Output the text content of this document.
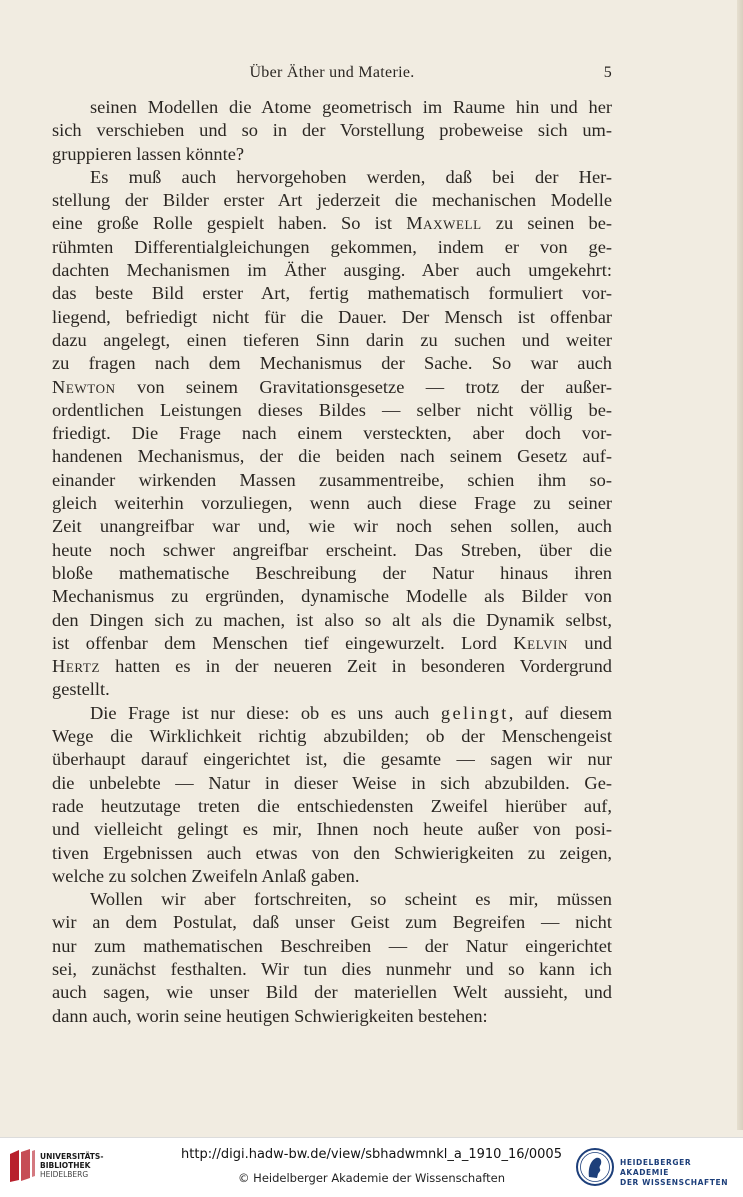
Über Äther und Materie.	5

seinen Modellen die Atome geometrisch im Raume hin und her

sich verschieben und so in der Vorstellung probeweise sich um-

gruppieren lassen könnte?

Es muß auch hervorgehoben werden, daß bei der Her-

stellung der Bilder erster Art jederzeit die mechanischen Modelle

eine große Rolle gespielt haben. So ist Maxwell zu seinen be-

rühmten Differentialgleichungen gekommen, indem er von ge-

dachten Mechanismen im Äther ausging. Aber auch umgekehrt:

das beste Bild erster Art, fertig mathematisch formuliert vor-

liegend, befriedigt nicht für die Dauer. Der Mensch ist offenbar

dazu angelegt, einen tieferen Sinn darin zu suchen und weiter

zu fragen nach dem Mechanismus der Sache. So war auch

Newton von seinem Gravitationsgesetze — trotz der außer-

ordentlichen Leistungen dieses Bildes — selber nicht völlig be-

friedigt. Die Frage nach einem versteckten, aber doch vor-

handenen Mechanismus, der die beiden nach seinem Gesetz auf-

einander wirkenden Massen zusammentreibe, schien ihm so-

gleich weiterhin vorzuliegen, wenn auch diese Frage zu seiner

Zeit unangreifbar war und, wie wir noch sehen sollen, auch

heute noch schwer angreifbar erscheint. Das Streben, über die

bloße mathematische Beschreibung der Natur hinaus ihren

Mechanismus zu ergründen, dynamische Modelle als Bilder von

den Dingen sich zu machen, ist also so alt als die Dynamik selbst,

ist offenbar dem Menschen tief eingewurzelt. Lord Kelvin und

Hertz hatten es in der neueren Zeit in besonderen Vordergrund

gestellt.

Die Frage ist nur diese: ob es uns auch gelingt, auf diesem

Wege die Wirklichkeit richtig abzubilden; ob der Menschengeist

überhaupt darauf eingerichtet ist, die gesamte — sagen wir nur

die unbelebte — Natur in dieser Weise in sich abzubilden. Ge-

rade heutzutage treten die entschiedensten Zweifel hierüber auf,

und vielleicht gelingt es mir, Ihnen noch heute außer von posi-

tiven Ergebnissen auch etwas von den Schwierigkeiten zu zeigen,

welche zu solchen Zweifeln Anlaß gaben.

Wollen wir aber fortschreiten, so scheint es mir, müssen

wir an dem Postulat, daß unser Geist zum Begreifen — nicht

nur zum mathematischen Beschreiben — der Natur eingerichtet

sei, zunächst festhalten. Wir tun dies nunmehr und so kann ich

auch sagen, wie unser Bild der materiellen Welt aussieht, und

dann auch, worin seine heutigen Schwierigkeiten bestehen:

UNIVERSITÄTS-
BIBLIOTHEK
HEIDELBERG
http://digi.hadw-bw.de/view/sbhadwmnkl_a_1910_16/0005
© Heidelberger Akademie der Wissenschaften
HEIDELBERGER AKADEMIE
DER WISSENSCHAFTEN
